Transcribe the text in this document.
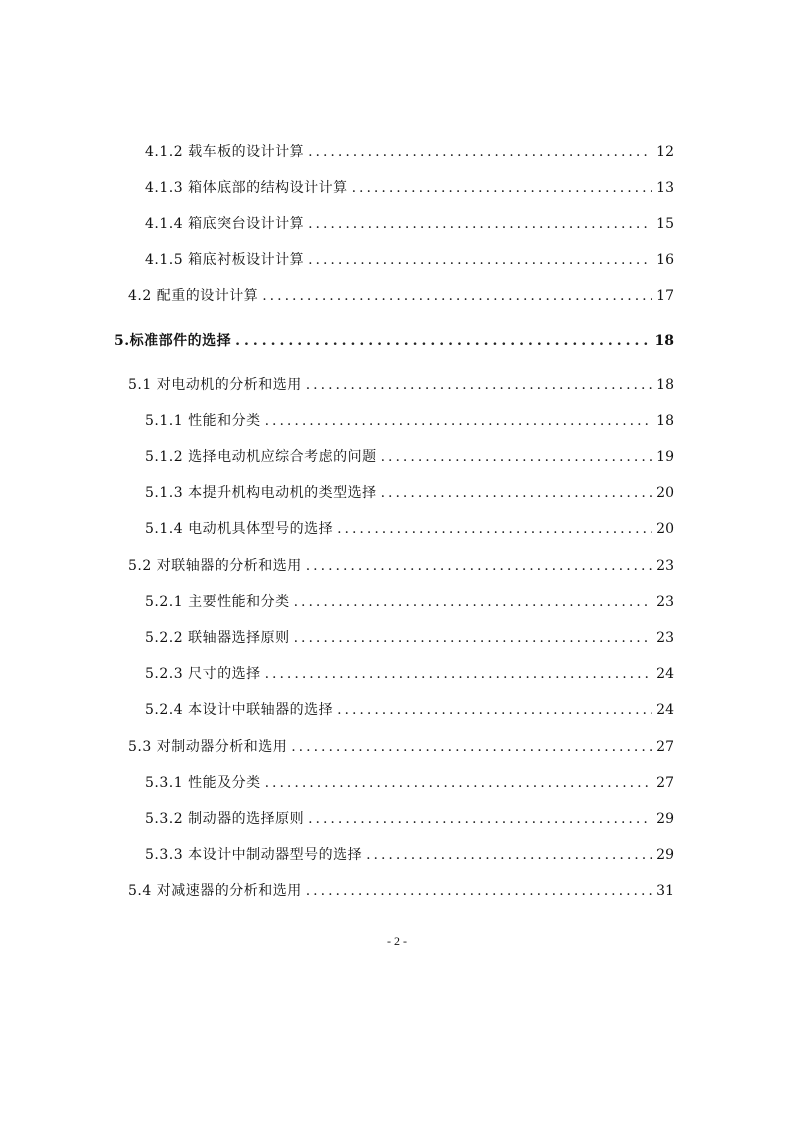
4.1.2 载车板的设计计算 .....	12
4.1.3 箱体底部的结构设计计算 .....	13
4.1.4 箱底突台设计计算 .....	15
4.1.5 箱底衬板设计计算 .....	16
4.2 配重的设计计算 .....	17
5.标准部件的选择 .....	18
5.1 对电动机的分析和选用 .....	18
5.1.1 性能和分类 .....	18
5.1.2 选择电动机应综合考虑的问题 .....	19
5.1.3 本提升机构电动机的类型选择 .....	20
5.1.4 电动机具体型号的选择 .....	20
5.2 对联轴器的分析和选用 .....	23
5.2.1 主要性能和分类 .....	23
5.2.2 联轴器选择原则 .....	23
5.2.3 尺寸的选择 .....	24
5.2.4 本设计中联轴器的选择 .....	24
5.3 对制动器分析和选用 .....	27
5.3.1 性能及分类 .....	27
5.3.2 制动器的选择原则 .....	29
5.3.3 本设计中制动器型号的选择 .....	29
5.4 对减速器的分析和选用 .....	31
- 2 -
